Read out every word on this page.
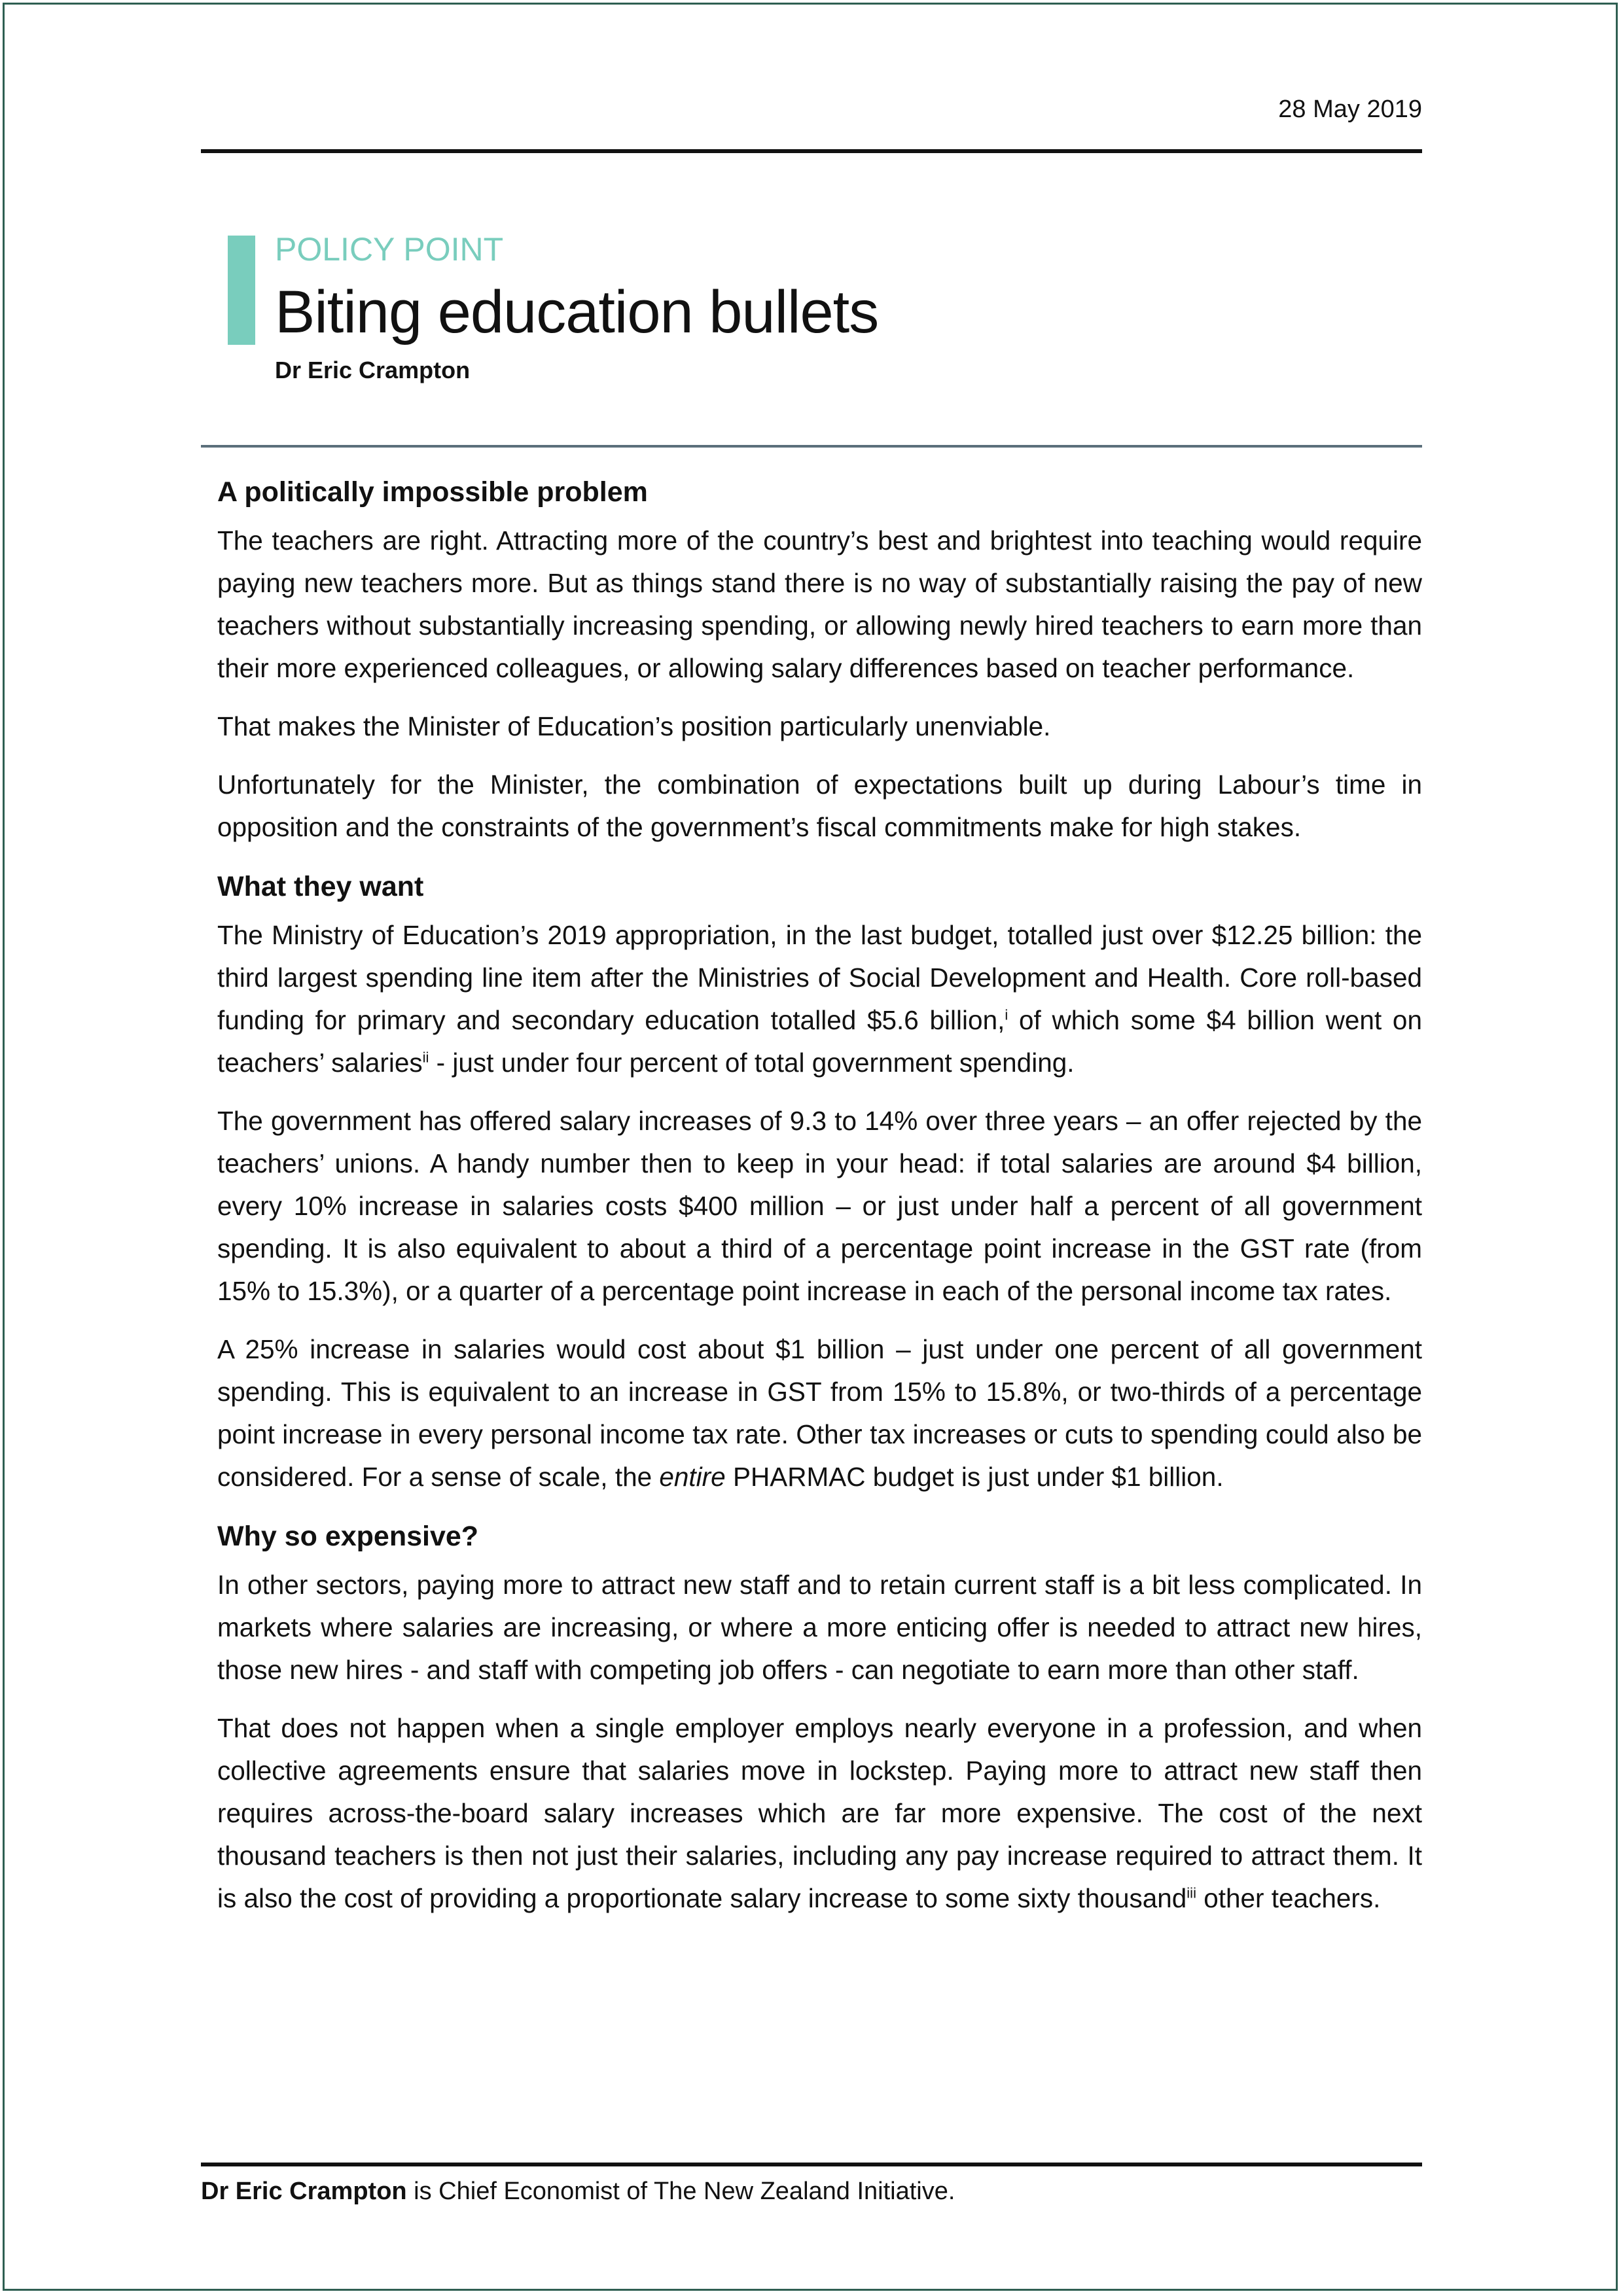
28 May 2019
POLICY POINT
Biting education bullets
Dr Eric Crampton
A politically impossible problem

The teachers are right. Attracting more of the country’s best and brightest into teaching would require paying new teachers more. But as things stand there is no way of substantially raising the pay of new teachers without substantially increasing spending, or allowing newly hired teachers to earn more than their more experienced colleagues, or allowing salary differences based on teacher performance.

That makes the Minister of Education’s position particularly unenviable.

Unfortunately for the Minister, the combination of expectations built up during Labour’s time in opposition and the constraints of the government’s fiscal commitments make for high stakes.

What they want

The Ministry of Education’s 2019 appropriation, in the last budget, totalled just over $12.25 billion: the third largest spending line item after the Ministries of Social Development and Health. Core roll-based funding for primary and secondary education totalled $5.6 billion,$^i$ of which some $4 billion went on teachers’ salaries$^{ii}$ - just under four percent of total government spending.

The government has offered salary increases of 9.3 to 14% over three years – an offer rejected by the teachers’ unions. A handy number then to keep in your head: if total salaries are around $4 billion, every 10% increase in salaries costs $400 million – or just under half a percent of all government spending. It is also equivalent to about a third of a percentage point increase in the GST rate (from 15% to 15.3%), or a quarter of a percentage point increase in each of the personal income tax rates.

A 25% increase in salaries would cost about $1 billion – just under one percent of all government spending. This is equivalent to an increase in GST from 15% to 15.8%, or two-thirds of a percentage point increase in every personal income tax rate. Other tax increases or cuts to spending could also be considered. For a sense of scale, the entire PHARMAC budget is just under $1 billion.

Why so expensive?

In other sectors, paying more to attract new staff and to retain current staff is a bit less complicated. In markets where salaries are increasing, or where a more enticing offer is needed to attract new hires, those new hires - and staff with competing job offers - can negotiate to earn more than other staff.

That does not happen when a single employer employs nearly everyone in a profession, and when collective agreements ensure that salaries move in lockstep. Paying more to attract new staff then requires across-the-board salary increases which are far more expensive. The cost of the next thousand teachers is then not just their salaries, including any pay increase required to attract them. It is also the cost of providing a proportionate salary increase to some sixty thousand$^{iii}$ other teachers.

Dr Eric Crampton is Chief Economist of The New Zealand Initiative.
